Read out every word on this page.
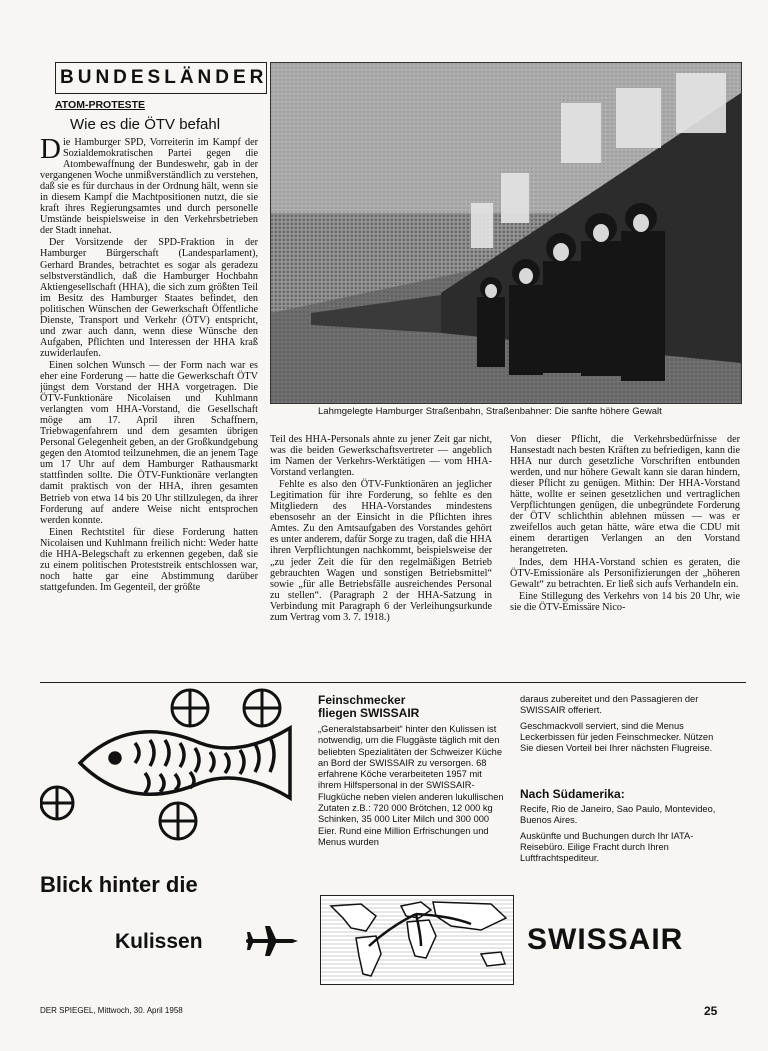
BUNDESLÄNDER
ATOM-PROTESTE
Wie es die ÖTV befahl

Die Hamburger SPD, Vorreiterin im Kampf der Sozialdemokratischen Partei gegen die Atombewaffnung der Bundeswehr, gab in der vergangenen Woche unmißverständlich zu verstehen, daß sie es für durchaus in der Ordnung hält, wenn sie in diesem Kampf die Machtpositionen nutzt, die sie kraft ihres Regierungsamtes und durch personelle Umstände beispielsweise in den Verkehrsbetrieben der Stadt innehat.

Der Vorsitzende der SPD-Fraktion in der Hamburger Bürgerschaft (Landesparlament), Gerhard Brandes, betrachtet es sogar als geradezu selbstverständlich, daß die Hamburger Hochbahn Aktiengesellschaft (HHA), die sich zum größten Teil im Besitz des Hamburger Staates befindet, den politischen Wünschen der Gewerkschaft Öffentliche Dienste, Transport und Verkehr (ÖTV) entspricht, und zwar auch dann, wenn diese Wünsche den Aufgaben, Pflichten und Interessen der HHA kraß zuwiderlaufen.

Einen solchen Wunsch — der Form nach war es eher eine Forderung — hatte die Gewerkschaft ÖTV jüngst dem Vorstand der HHA vorgetragen. Die ÖTV-Funktionäre Nicolaisen und Kuhlmann verlangten vom HHA-Vorstand, die Gesellschaft möge am 17. April ihren Schaffnern, Triebwagenfahrern und dem gesamten übrigen Personal Gelegenheit geben, an der Großkundgebung gegen den Atomtod teilzunehmen, die an jenem Tage um 17 Uhr auf dem Hamburger Rathausmarkt stattfinden sollte. Die ÖTV-Funktionäre verlangten damit praktisch von der HHA, ihren gesamten Betrieb von etwa 14 bis 20 Uhr stillzulegen, da ihrer Forderung auf andere Weise nicht entsprochen werden konnte.

Einen Rechtstitel für diese Forderung hatten Nicolaisen und Kuhlmann freilich nicht: Weder hatte die HHA-Belegschaft zu erkennen gegeben, daß sie zu einem politischen Proteststreik entschlossen war, noch hatte gar eine Abstimmung darüber stattgefunden. Im Gegenteil, der größte

Lahmgelegte Hamburger Straßenbahn, Straßenbahner: Die sanfte höhere Gewalt

Teil des HHA-Personals ahnte zu jener Zeit gar nicht, was die beiden Gewerkschaftsvertreter — angeblich im Namen der Verkehrs-Werktätigen — vom HHA-Vorstand verlangten.

Fehlte es also den ÖTV-Funktionären an jeglicher Legitimation für ihre Forderung, so fehlte es den Mitgliedern des HHA-Vorstandes mindestens ebensosehr an der Einsicht in die Pflichten ihres Amtes. Zu den Amtsaufgaben des Vorstandes gehört es unter anderem, dafür Sorge zu tragen, daß die HHA ihren Verpflichtungen nachkommt, beispielsweise der „zu jeder Zeit die für den regelmäßigen Betrieb gebrauchten Wagen und sonstigen Betriebsmittel“ sowie „für alle Betriebsfälle ausreichendes Personal zu stellen“. (Paragraph 2 der HHA-Satzung in Verbindung mit Paragraph 6 der Verleihungsurkunde zum Vertrag vom 3. 7. 1918.)

Von dieser Pflicht, die Verkehrsbedürfnisse der Hansestadt nach besten Kräften zu befriedigen, kann die HHA nur durch gesetzliche Vorschriften entbunden werden, und nur höhere Gewalt kann sie daran hindern, dieser Pflicht zu genügen. Mithin: Der HHA-Vorstand hätte, wollte er seinen gesetzlichen und vertraglichen Verpflichtungen genügen, die unbegründete Forderung der ÖTV schlichthin ablehnen müssen — was er zweifellos auch getan hätte, wäre etwa die CDU mit einem derartigen Verlangen an den Vorstand herangetreten.

Indes, dem HHA-Vorstand schien es geraten, die ÖTV-Emissionäre als Personifizierungen der „höheren Gewalt“ zu betrachten. Er ließ sich aufs Verhandeln ein.

Eine Stillegung des Verkehrs von 14 bis 20 Uhr, wie sie die ÖTV-Emissäre Nico-

Feinschmecker
fliegen SWISSAIR

„Generalstabsarbeit“ hinter den Kulissen ist notwendig, um die Fluggäste täglich mit den beliebten Spezialitäten der Schweizer Küche an Bord der SWISSAIR zu versorgen. 68 erfahrene Köche verarbeiteten 1957 mit ihrem Hilfspersonal in der SWISSAIR-Flugküche neben vielen anderen lukullischen Zutaten z.B.: 720 000 Brötchen, 12 000 kg Schinken, 35 000 Liter Milch und 300 000 Eier. Rund eine Million Erfrischungen und Menus wurden

daraus zubereitet und den Passagieren der SWISSAIR offeriert.

Geschmackvoll serviert, sind die Menus Leckerbissen für jeden Feinschmecker. Nützen Sie diesen Vorteil bei Ihrer nächsten Flugreise.

Nach Südamerika:

Recife, Rio de Janeiro, Sao Paulo, Montevideo, Buenos Aires.

Auskünfte und Buchungen durch Ihr IATA-Reisebüro. Eilige Fracht durch Ihren Luftfrachtspediteur.

Blick hinter die
Kulissen	SWISSAIR
DER SPIEGEL, Mittwoch, 30. April 1958	25
